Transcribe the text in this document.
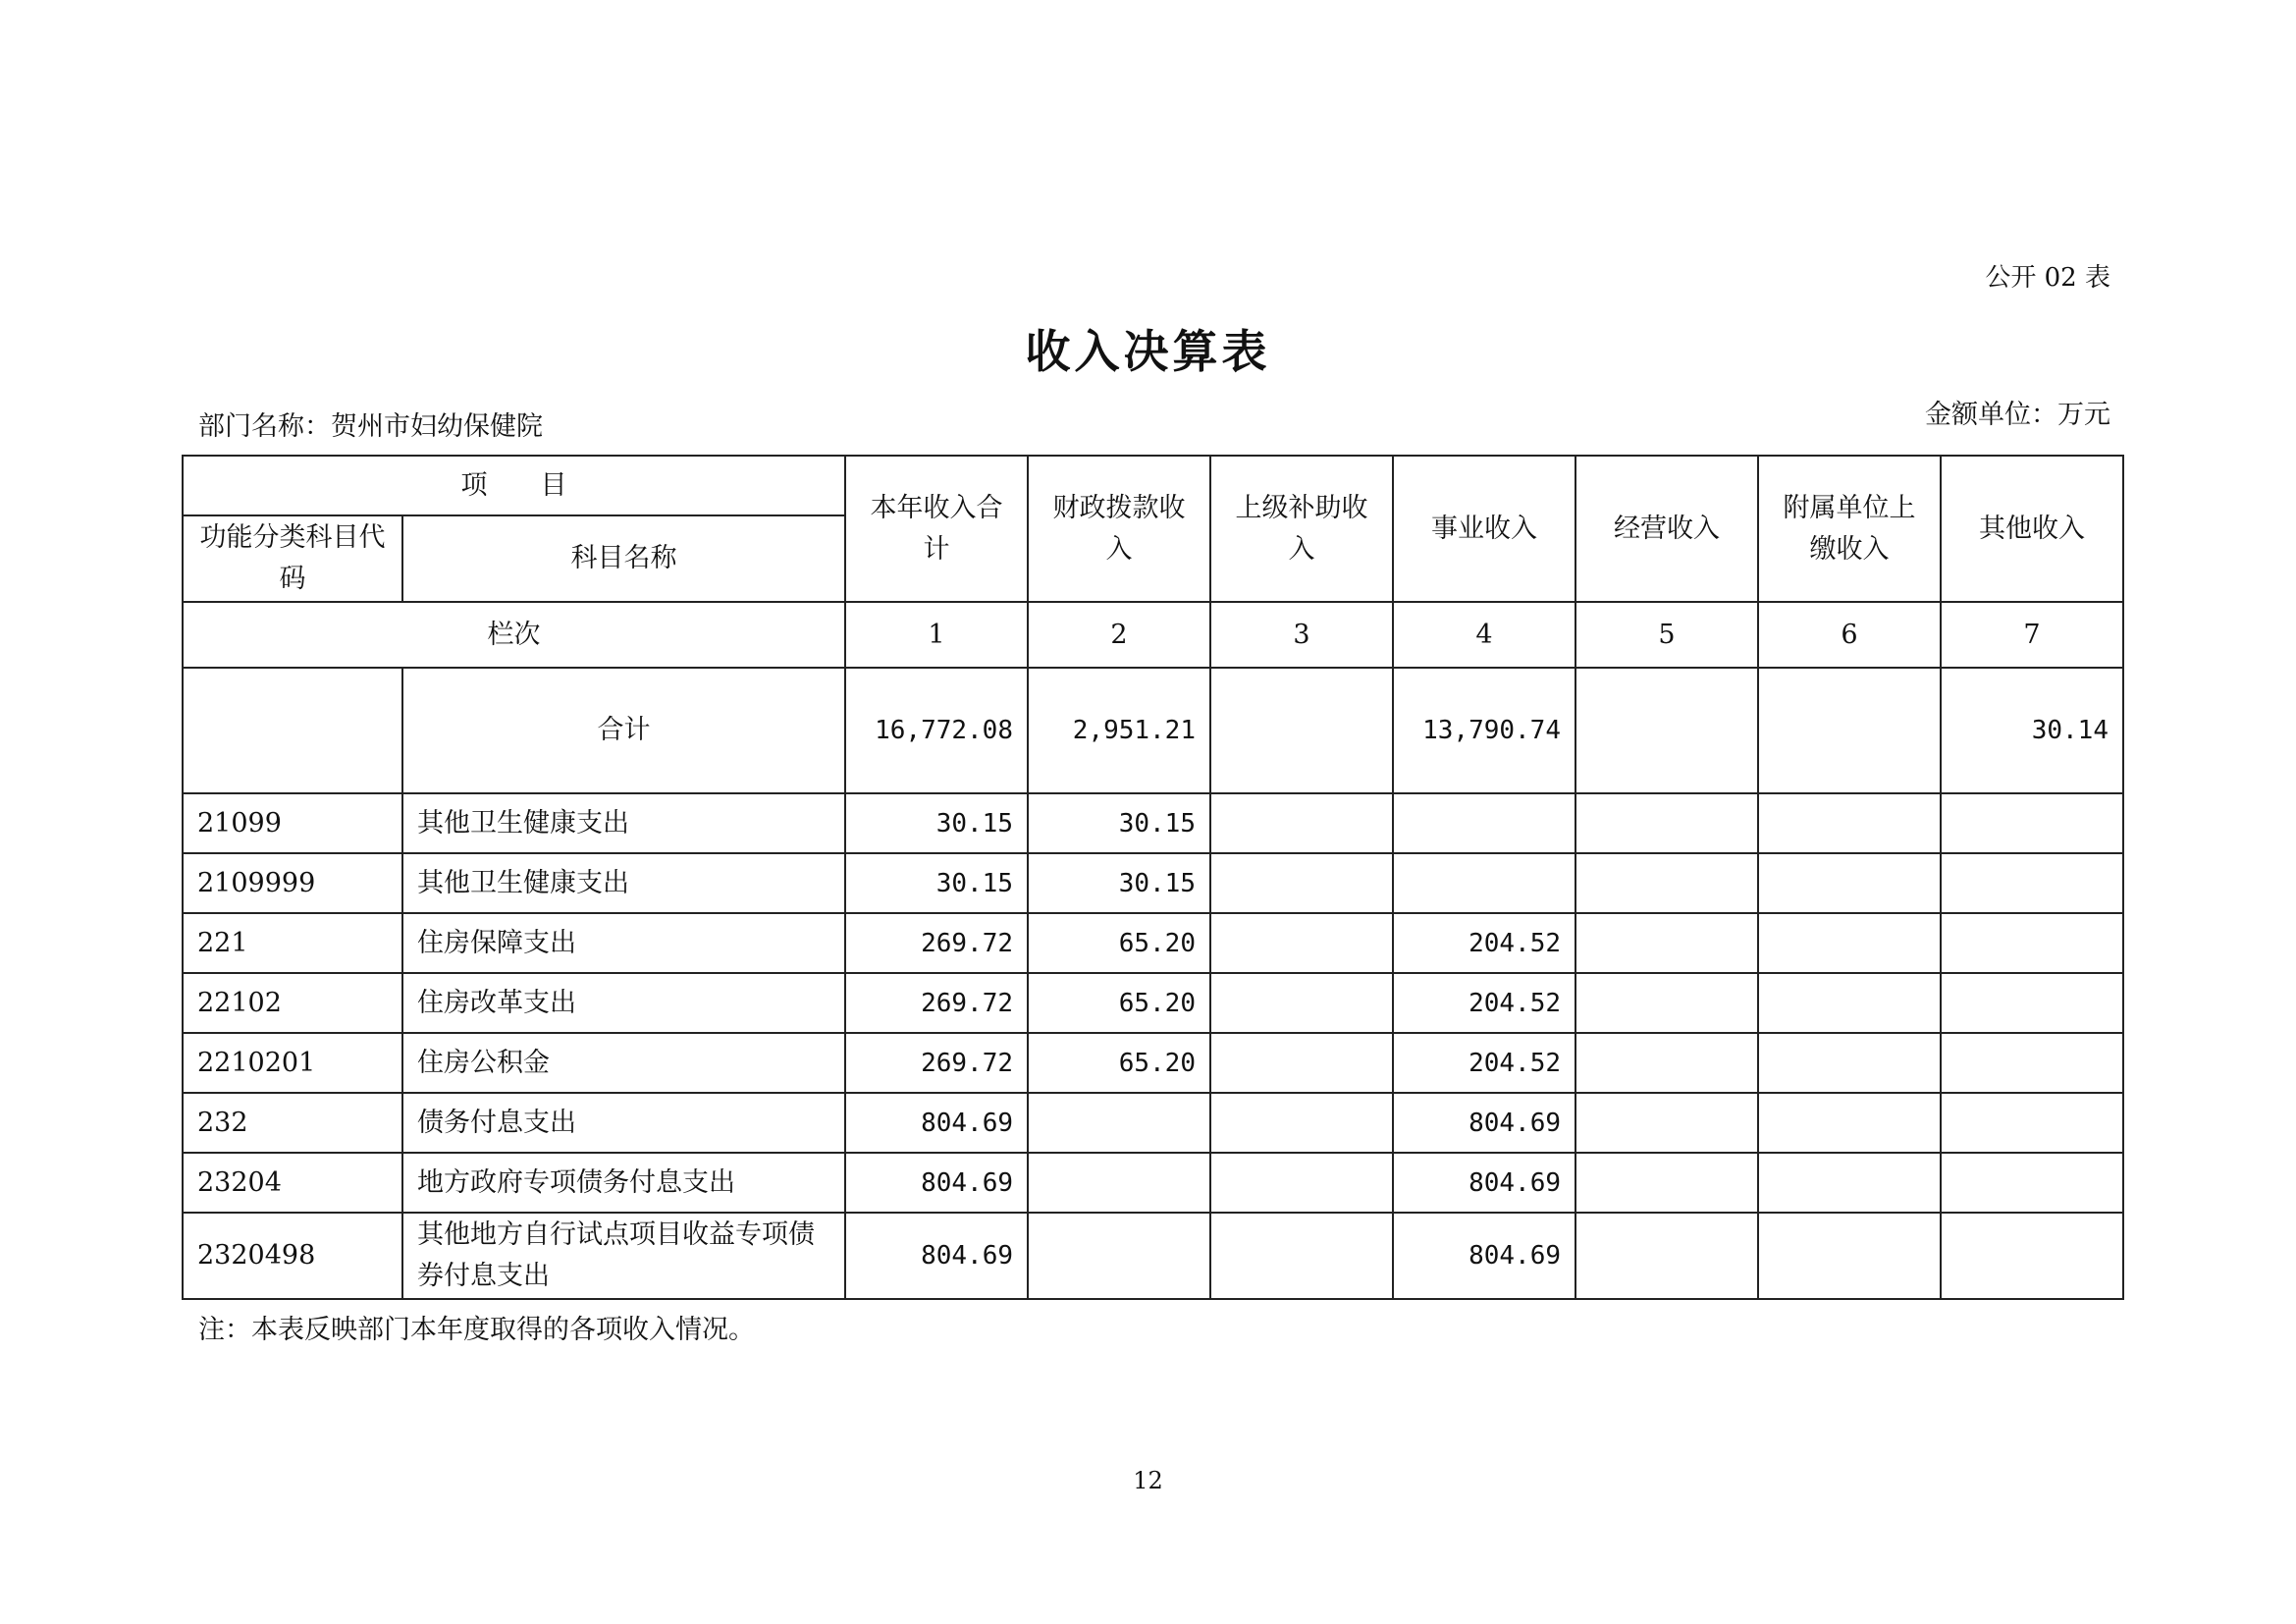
公开 02 表
收入决算表
部门名称：贺州市妇幼保健院	金额单位：万元
项　　目		本年收入合计	财政拨款收入	上级补助收入	事业收入	经营收入	附属单位上缴收入	其他收入
功能分类科目代码	科目名称							
栏次		1	2	3	4	5	6	7
	合计	16,772.08	2,951.21		13,790.74			30.14
21099	其他卫生健康支出	30.15	30.15					
2109999	其他卫生健康支出	30.15	30.15					
221	住房保障支出	269.72	65.20		204.52			
22102	住房改革支出	269.72	65.20		204.52			
2210201	住房公积金	269.72	65.20		204.52			
232	债务付息支出	804.69			804.69			
23204	地方政府专项债务付息支出	804.69			804.69			
2320498	其他地方自行试点项目收益专项债券付息支出	804.69			804.69			
注：本表反映部门本年度取得的各项收入情况。
12
